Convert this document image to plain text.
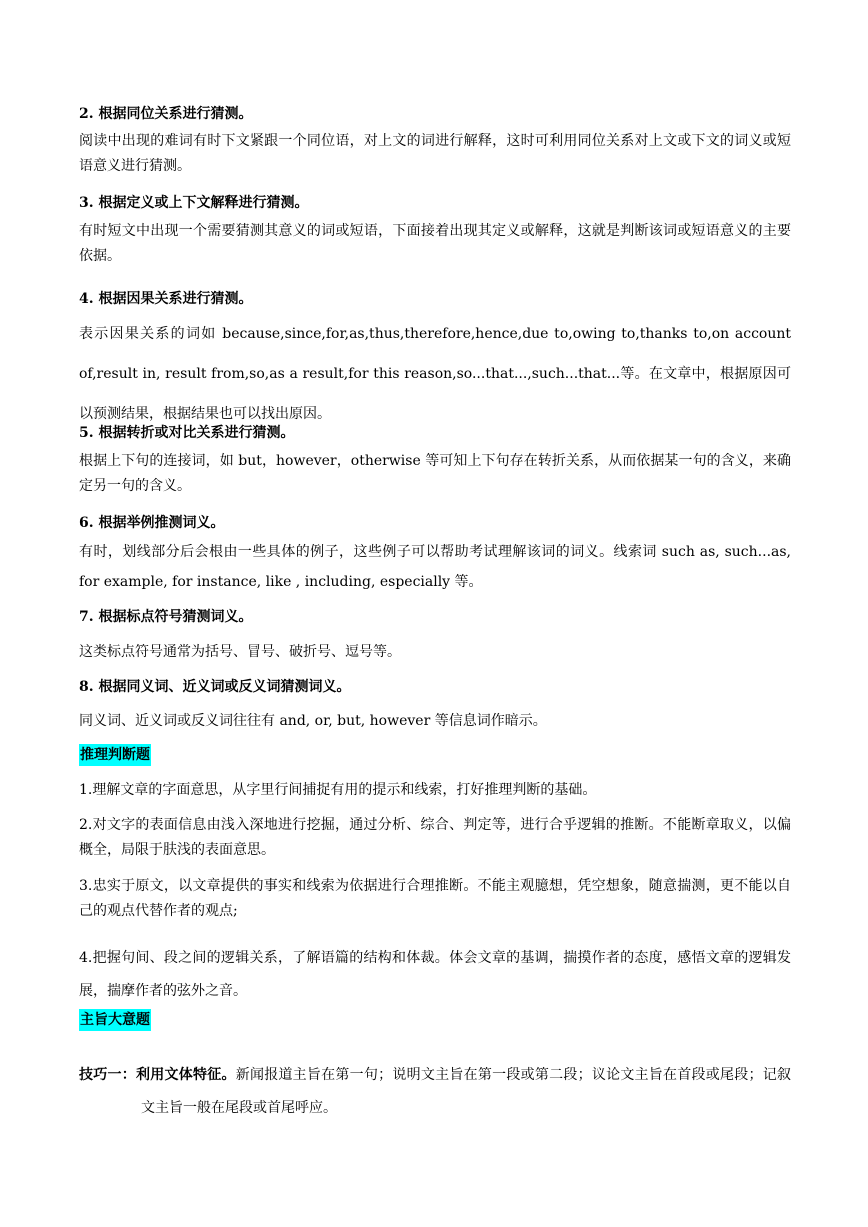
2. 根据同位关系进行猜测。
阅读中出现的难词有时下文紧跟一个同位语，对上文的词进行解释，这时可利用同位关系对上文或下文的词义或短语意义进行猜测。
3. 根据定义或上下文解释进行猜测。
有时短文中出现一个需要猜测其意义的词或短语，下面接着出现其定义或解释，这就是判断该词或短语意义的主要依据。
4. 根据因果关系进行猜测。
表示因果关系的词如 because,since,for,as,thus,therefore,hence,due to,owing to,thanks to,on account of,result in, result from,so,as a result,for this reason,so...that...,such...that...等。在文章中，根据原因可以预测结果，根据结果也可以找出原因。
5. 根据转折或对比关系进行猜测。
根据上下句的连接词，如 but，however，otherwise 等可知上下句存在转折关系，从而依据某一句的含义，来确定另一句的含义。
6. 根据举例推测词义。
有时，划线部分后会根由一些具体的例子，这些例子可以帮助考试理解该词的词义。线索词 such as, such...as, for example, for instance, like , including, especially 等。
7. 根据标点符号猜测词义。
这类标点符号通常为括号、冒号、破折号、逗号等。
8. 根据同义词、近义词或反义词猜测词义。
同义词、近义词或反义词往往有 and, or, but, however 等信息词作暗示。
推理判断题
1.理解文章的字面意思，从字里行间捕捉有用的提示和线索，打好推理判断的基础。
2.对文字的表面信息由浅入深地进行挖掘，通过分析、综合、判定等，进行合乎逻辑的推断。不能断章取义，以偏概全，局限于肤浅的表面意思。
3.忠实于原文，以文章提供的事实和线索为依据进行合理推断。不能主观臆想，凭空想象，随意揣测，更不能以自己的观点代替作者的观点;
4.把握句间、段之间的逻辑关系，了解语篇的结构和体裁。体会文章的基调，揣摸作者的态度，感悟文章的逻辑发展，揣摩作者的弦外之音。
主旨大意题
技巧一：利用文体特征。新闻报道主旨在第一句；说明文主旨在第一段或第二段；议论文主旨在首段或尾段；记叙文主旨一般在尾段或首尾呼应。
